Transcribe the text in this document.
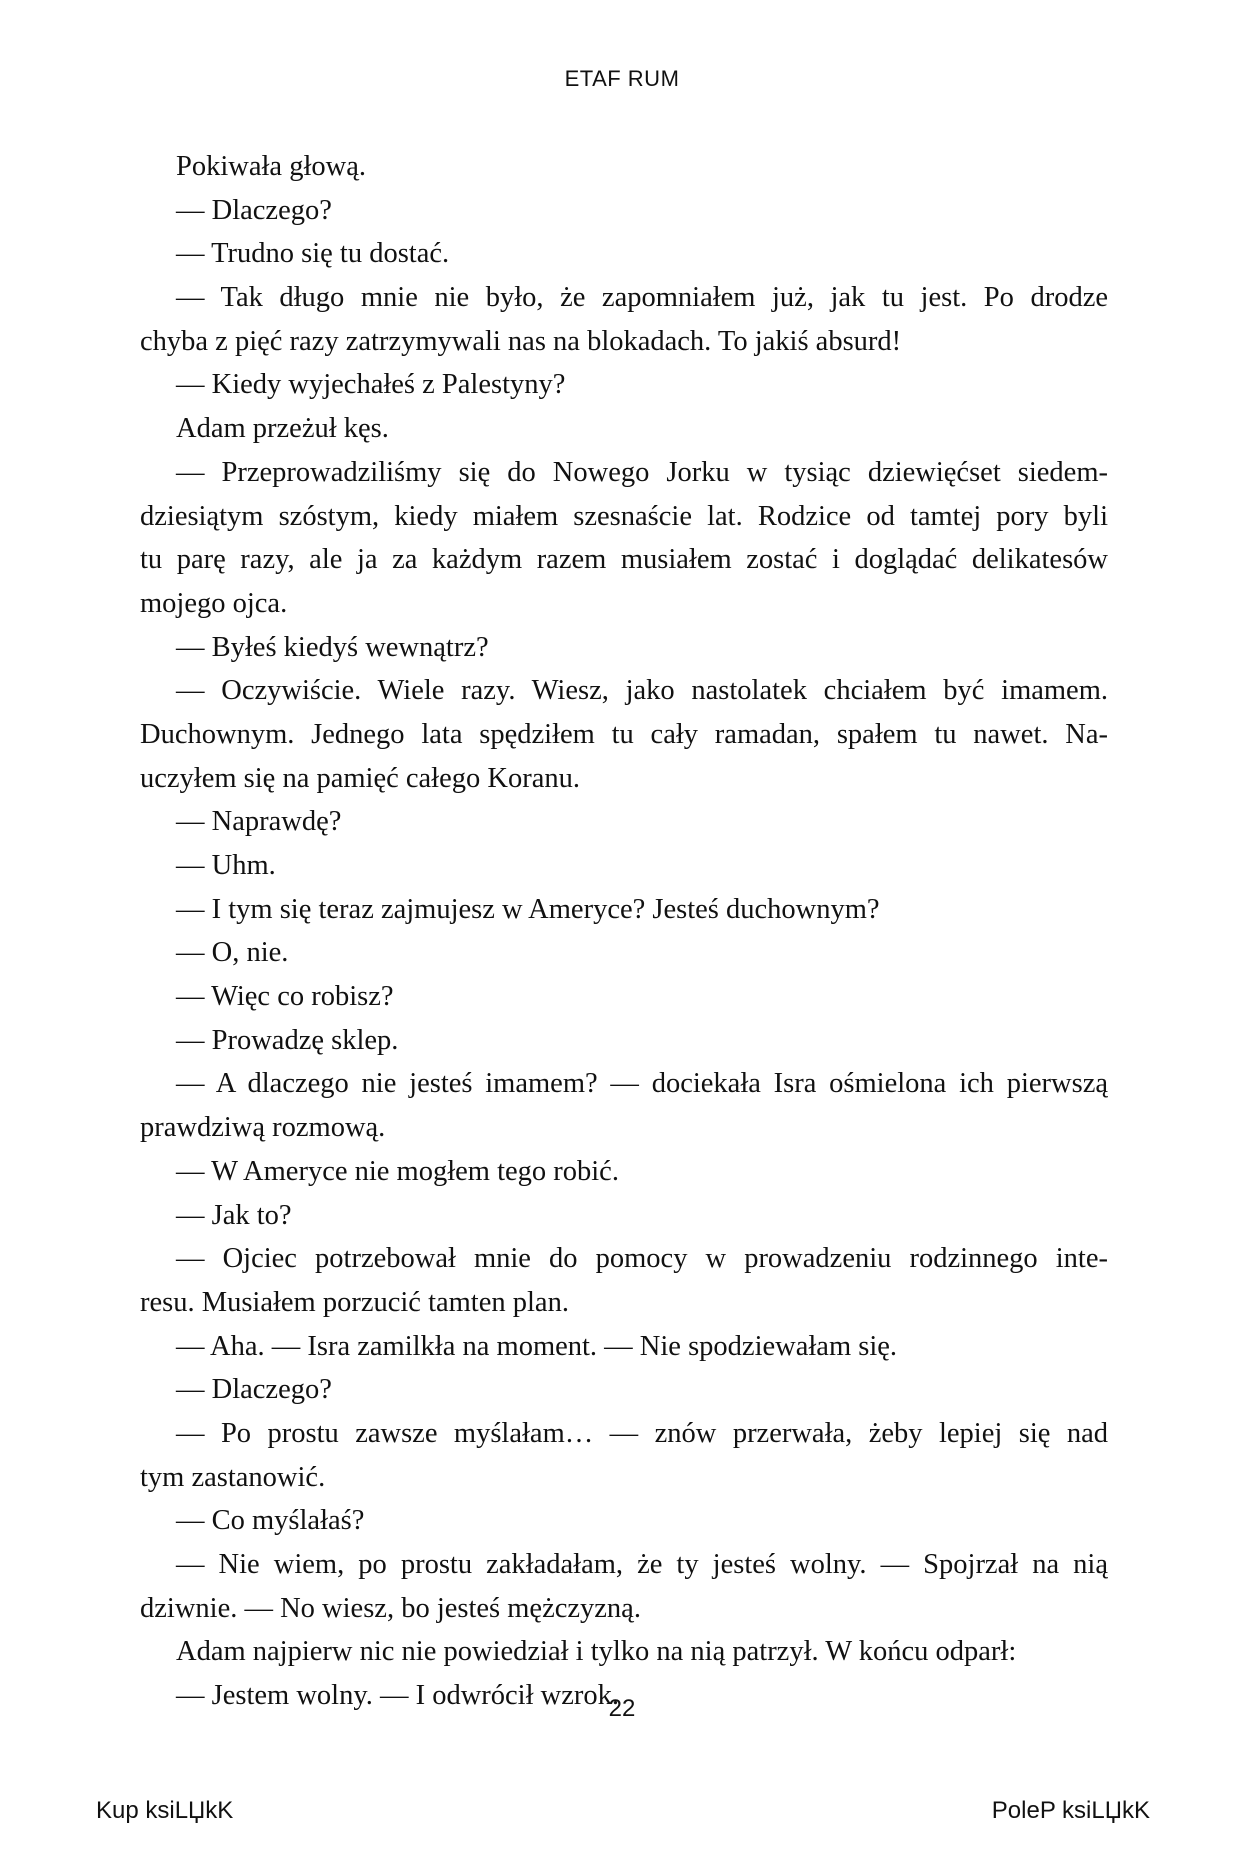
ETAF RUM
Pokiwała głową.
— Dlaczego?
— Trudno się tu dostać.
— Tak długo mnie nie było, że zapomniałem już, jak tu jest. Po drodze
chyba z pięć razy zatrzymywali nas na blokadach. To jakiś absurd!
— Kiedy wyjechałeś z Palestyny?
Adam przeżuł kęs.
— Przeprowadziliśmy się do Nowego Jorku w tysiąc dziewięćset siedem-
dziesiątym szóstym, kiedy miałem szesnaście lat. Rodzice od tamtej pory byli
tu parę razy, ale ja za każdym razem musiałem zostać i doglądać delikatesów
mojego ojca.
— Byłeś kiedyś wewnątrz?
— Oczywiście. Wiele razy. Wiesz, jako nastolatek chciałem być imamem.
Duchownym. Jednego lata spędziłem tu cały ramadan, spałem tu nawet. Na-
uczyłem się na pamięć całego Koranu.
— Naprawdę?
— Uhm.
— I tym się teraz zajmujesz w Ameryce? Jesteś duchownym?
— O, nie.
— Więc co robisz?
— Prowadzę sklep.
— A dlaczego nie jesteś imamem? — dociekała Isra ośmielona ich pierwszą
prawdziwą rozmową.
— W Ameryce nie mogłem tego robić.
— Jak to?
— Ojciec potrzebował mnie do pomocy w prowadzeniu rodzinnego inte-
resu. Musiałem porzucić tamten plan.
— Aha. — Isra zamilkła na moment. — Nie spodziewałam się.
— Dlaczego?
— Po prostu zawsze myślałam… — znów przerwała, żeby lepiej się nad
tym zastanowić.
— Co myślałaś?
— Nie wiem, po prostu zakładałam, że ty jesteś wolny. — Spojrzał na nią
dziwnie. — No wiesz, bo jesteś mężczyzną.
Adam najpierw nic nie powiedział i tylko na nią patrzył. W końcu odparł:
— Jestem wolny. — I odwrócił wzrok.
22
Kup ksiLЏkK	PoleP ksiLЏkK
